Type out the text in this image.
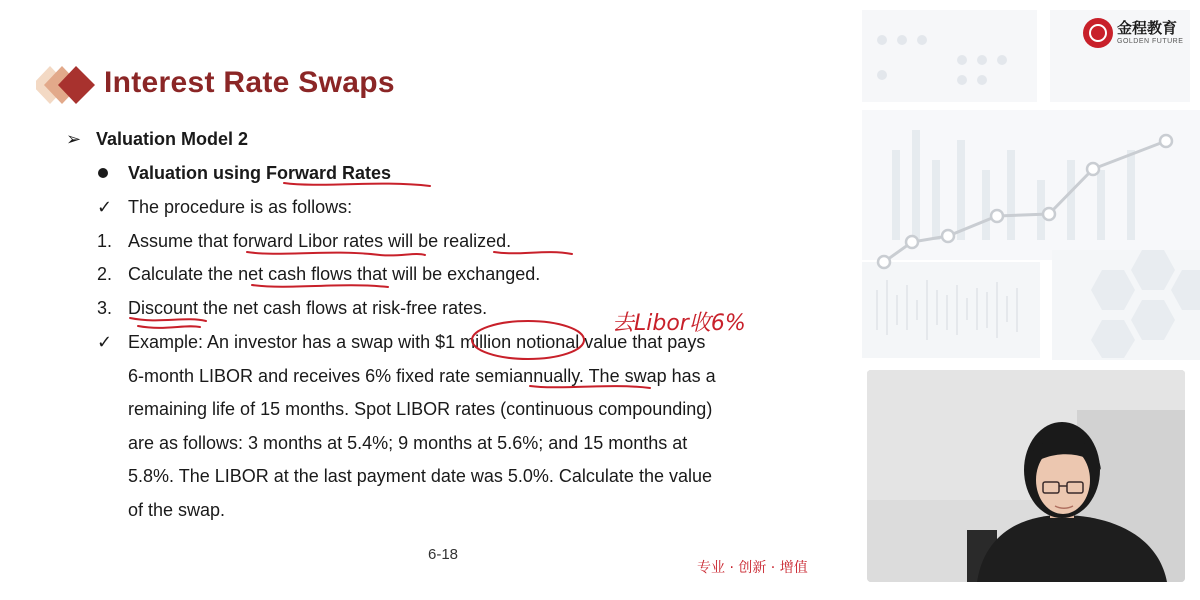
金程教育
GOLDEN FUTURE
Interest Rate Swaps
➢ Valuation Model 2
Valuation using Forward Rates
✓ The procedure is as follows:
1. Assume that forward Libor rates will be realized.
2. Calculate the net cash flows that will be exchanged.
3. Discount the net cash flows at risk-free rates.
✓ Example: An investor has a swap with $1 million notional value that pays
6-month LIBOR and receives 6% fixed rate semiannually. The swap has a
remaining life of 15 months. Spot LIBOR rates (continuous compounding)
are as follows: 3 months at 5.4%; 9 months at 5.6%; and 15 months at
5.8%. The LIBOR at the last payment date was 5.0%. Calculate the value
of the swap.
6-18
专业 · 创新 · 增值
去Libor收6%
